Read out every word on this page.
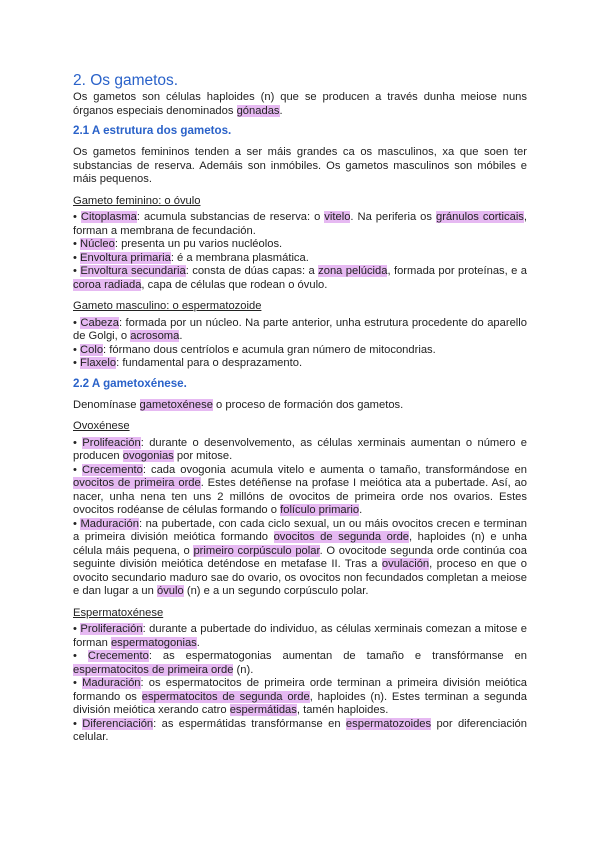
2. Os gametos.

Os gametos son células haploides (n) que se producen a través dunha meiose nuns órganos especiais denominados gónadas.

2.1 A estrutura dos gametos.

Os gametos femininos tenden a ser máis grandes ca os masculinos, xa que soen ter substancias de reserva. Ademáis son inmóbiles. Os gametos masculinos son móbiles e máis pequenos.

Gameto feminino: o óvulo

• Citoplasma: acumula substancias de reserva: o vitelo. Na periferia os gránulos corticais, forman a membrana de fecundación.

• Núcleo: presenta un pu varios nucléolos.

• Envoltura primaria: é a membrana plasmática.

• Envoltura secundaria: consta de dúas capas: a zona pelúcida, formada por proteínas, e a coroa radiada, capa de células que rodean o óvulo.

Gameto masculino: o espermatozoide

• Cabeza: formada por un núcleo. Na parte anterior, unha estrutura procedente do aparello de Golgi, o acrosoma.

• Colo: fórmano dous centríolos e acumula gran número de mitocondrias.

• Flaxelo: fundamental para o desprazamento.

2.2 A gametoxénese.

Denomínase gametoxénese o proceso de formación dos gametos.

Ovoxénese

• Prolifeación: durante o desenvolvemento, as células xerminais aumentan o número e producen ovogonias por mitose.

• Crecemento: cada ovogonia acumula vitelo e aumenta o tamaño, transformándose en ovocitos de primeira orde. Estes detéñense na profase I meiótica ata a pubertade. Así, ao nacer, unha nena ten uns 2 millóns de ovocitos de primeira orde nos ovarios. Estes ovocitos rodéanse de células formando o folículo primario.

• Maduración: na pubertade, con cada ciclo sexual, un ou máis ovocitos crecen e terminan a primeira división meiótica formando ovocitos de segunda orde, haploides (n) e unha célula máis pequena, o primeiro corpúsculo polar. O ovocitode segunda orde continúa coa seguinte división meiótica deténdose en metafase II. Tras a ovulación, proceso en que o ovocito secundario maduro sae do ovario, os ovocitos non fecundados completan a meiose e dan lugar a un óvulo (n) e a un segundo corpúsculo polar.

Espermatoxénese

• Proliferación: durante a pubertade do individuo, as células xerminais comezan a mitose e forman espermatogonias.

• Crecemento: as espermatogonias aumentan de tamaño e transfórmanse en espermatocitos de primeira orde (n).

• Maduración: os espermatocitos de primeira orde terminan a primeira división meiótica formando os espermatocitos de segunda orde, haploides (n). Estes terminan a segunda división meiótica xerando catro espermátidas, tamén haploides.

• Diferenciación: as espermátidas transfórmanse en espermatozoides por diferenciación celular.
